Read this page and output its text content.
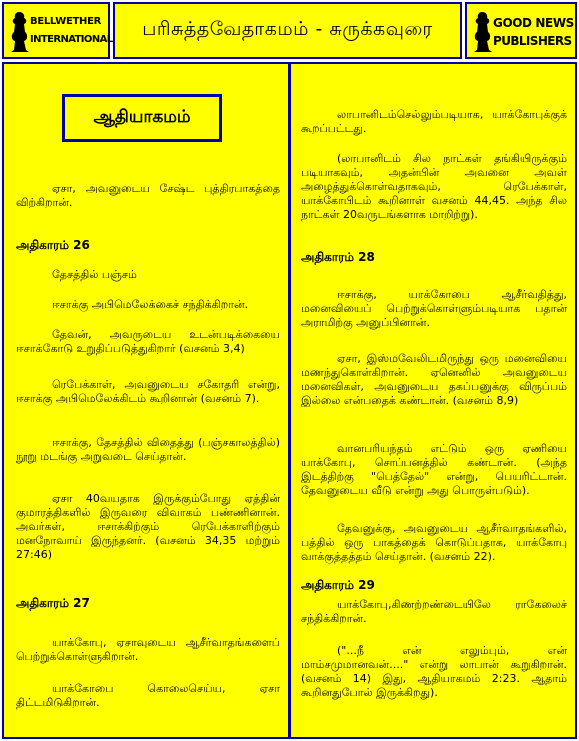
BELLWETHER
INTERNATIONAL பரிசுத்தவேதாகமம் - சுருக்கவுரை	GOOD NEWS
PUBLISHERS
ஆதியாகமம்
ஏசா, அவனுடைய சேஷ்ட புத்திரபாகத்தை விற்கிறான்.
அதிகாரம் 26
தேசத்தில் பஞ்சம்
ஈசாக்கு அபிமெலேக்கைச் சந்திக்கிறான்.
தேவன், அவருடைய உடன்படிக்கையை ஈசாக்கோடு உறுதிப்படுத்துகிறார் (வசனம் 3,4)
ரெபேக்காள், அவனுடைய சகோதரி என்று, ஈசாக்கு அபிமெலேக்கிடம் கூறினான் (வசனம் 7).
ஈசாக்கு, தேசத்தில் விதைத்து (பஞ்சகாலத்தில்) நூறு மடங்கு அறுவடை செய்தான்.
ஏசா 40வயதாக இருக்கும்போது ஏத்தின் குமாரத்திகளில் இருவரை விவாகம் பண்ணினான். அவர்கள், ஈசாக்கிற்கும் ரெபேக்காளிற்கும் மனநோவாய் இருந்தனர். (வசனம் 34,35 மற்றும் 27:46)
அதிகாரம் 27
யாக்கோபு, ஏசாவுடைய ஆசீர்வாதங்களைப் பெற்றுக்கொள்ளுகிறான்.
யாக்கோபை கொலைசெய்ய, ஏசா திட்டமிடுகிறான்.
லாபானிடம்செல்லும்படியாக, யாக்கோபுக்குக் கூறப்பட்டது.
(லாபானிடம் சில நாட்கள் தங்கியிருக்கும் படியாகவும், அதன்பின் அவனை அவள் அழைத்துக்கொள்வதாகவும், ரெபேக்காள், யாக்கோபிடம் கூறினாள் வசனம் 44,45. அந்த சில நாட்கள் 20வருடங்களாக மாறிற்று).
அதிகாரம் 28
ஈசாக்கு, யாக்கோபை ஆசீர்வதித்து, மனைவியைப் பெற்றுக்கொள்ளும்படியாக பதான் அராமிற்கு அனுப்பினான்.
ஏசா, இஸ்மவேலிடமிருந்து ஒரு மனைவியை மணந்துகொள்கிறான். ஏனெனில் அவனுடைய மனைவிகள், அவனுடைய தகப்பனுக்கு விருப்பம் இல்லை என்பதைக் கண்டான். (வசனம் 8,9)
வானபரியந்தம் எட்டும் ஒரு ஏணியை யாக்கோபு, சொப்பனத்தில் கண்டான். (அந்த இடத்திற்கு "பெத்தேல்" என்று, பெயரிட்டான். தேவனுடைய வீடு என்று அது பொருள்படும்).
தேவனுக்கு, அவனுடைய ஆசீர்வாதங்களில், பத்தில் ஒரு பாகத்தைக் கொடுப்பதாக, யாக்கோபு வாக்குத்தத்தம் செய்தான். (வசனம் 22).
அதிகாரம் 29
யாக்கோபு,கிணற்றண்டையிலே ராகேலைச் சந்திக்கிறான்.
("...நீ என் எலும்பும், என் மாம்சமுமானவன்...." என்று லாபான் கூறுகிறான். (வசனம் 14) இது, ஆதியாகமம் 2:23. ஆதாம் கூறினதுபோல் இருக்கிறது).
